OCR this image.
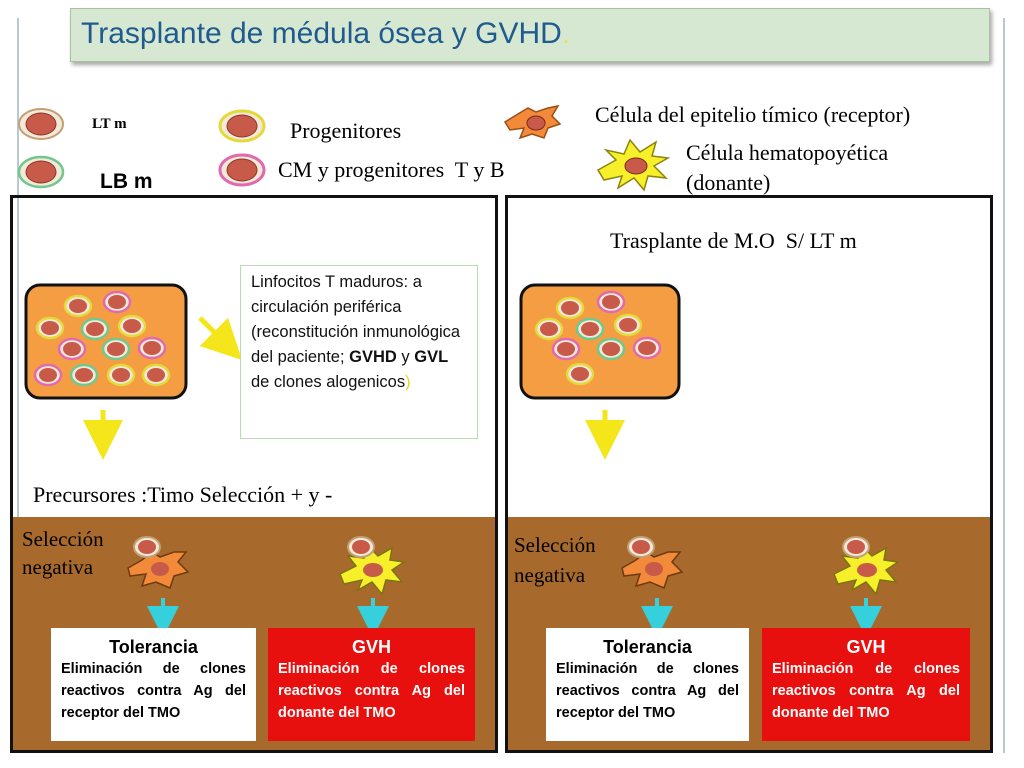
Trasplante de médula ósea y GVHD.
LT m
LB m
Progenitores
CM y progenitores  T y B
Célula del epitelio tímico (receptor)
Célula hematopoyética
(donante)
Linfocitos T maduros: a circulación periférica (reconstitución inmunológica del paciente; GVHD y GVL de clones alogenicos)
Precursores :Timo Selección + y -
Selección
negativa
Tolerancia
Eliminación de clones reactivos contra Ag del receptor del TMO
GVH
Eliminación de clones reactivos contra Ag del donante del TMO
Trasplante de M.O  S/ LT m
Selección
negativa
Tolerancia
Eliminación de clones reactivos contra Ag del receptor del TMO
GVH
Eliminación de clones reactivos contra Ag del donante del TMO
